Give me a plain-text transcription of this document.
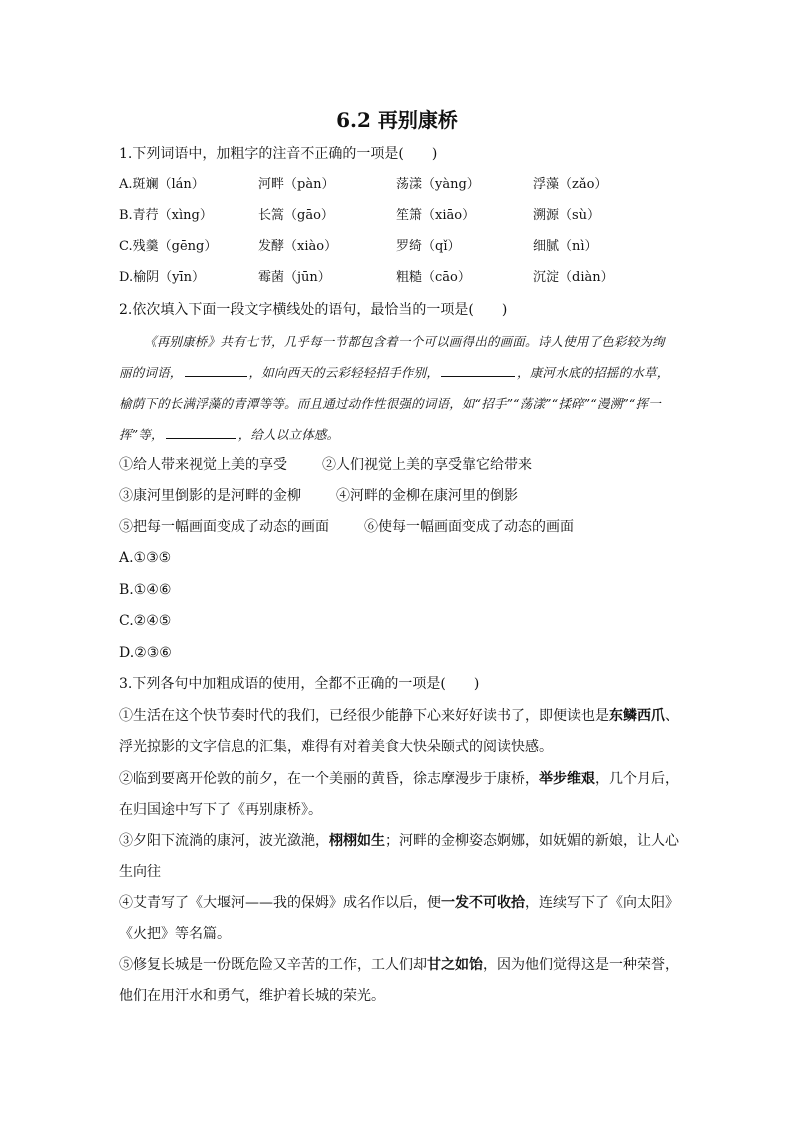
6.2 再别康桥
1.下列词语中，加粗字的注音不正确的一项是(　　)
A.斑斓（lán）	河畔（pàn）	荡漾（yàng）	浮藻（zǎo）
B.青荇（xìng）	长篙（gāo）	笙箫（xiāo）	溯源（sù）
C.残羹（gēng）	发酵（xiào）	罗绮（qǐ）	细腻（nì）
D.榆阴（yīn）	霉菌（jūn）	粗糙（cāo）	沉淀（diàn）
2.依次填入下面一段文字横线处的语句，最恰当的一项是(　　)
《再别康桥》共有七节，几乎每一节都包含着一个可以画得出的画面。诗人使用了色彩较为绚丽的词语，	，如向西天的云彩轻轻招手作别，	，康河水底的招摇的水草，榆荫下的长满浮藻的青潭等等。而且通过动作性很强的词语，如“招手”“荡漾”“揉碎”“漫溯”“挥一挥”等，	，给人以立体感。
①给人带来视觉上美的享受	②人们视觉上美的享受靠它给带来
③康河里倒影的是河畔的金柳	④河畔的金柳在康河里的倒影
⑤把每一幅画面变成了动态的画面	⑥使每一幅画面变成了动态的画面
A.①③⑤
B.①④⑥
C.②④⑤
D.②③⑥
3.下列各句中加粗成语的使用，全都不正确的一项是(　　)
①生活在这个快节奏时代的我们，已经很少能静下心来好好读书了，即便读也是东鳞西爪、浮光掠影的文字信息的汇集，难得有对着美食大快朵颐式的阅读快感。
②临到要离开伦敦的前夕，在一个美丽的黄昏，徐志摩漫步于康桥，举步维艰，几个月后，在归国途中写下了《再别康桥》。
③夕阳下流淌的康河，波光潋滟，栩栩如生；河畔的金柳姿态婀娜，如妩媚的新娘，让人心生向往
④艾青写了《大堰河——我的保姆》成名作以后，便一发不可收拾，连续写下了《向太阳》《火把》等名篇。
⑤修复长城是一份既危险又辛苦的工作，工人们却甘之如饴，因为他们觉得这是一种荣誉，他们在用汗水和勇气，维护着长城的荣光。
